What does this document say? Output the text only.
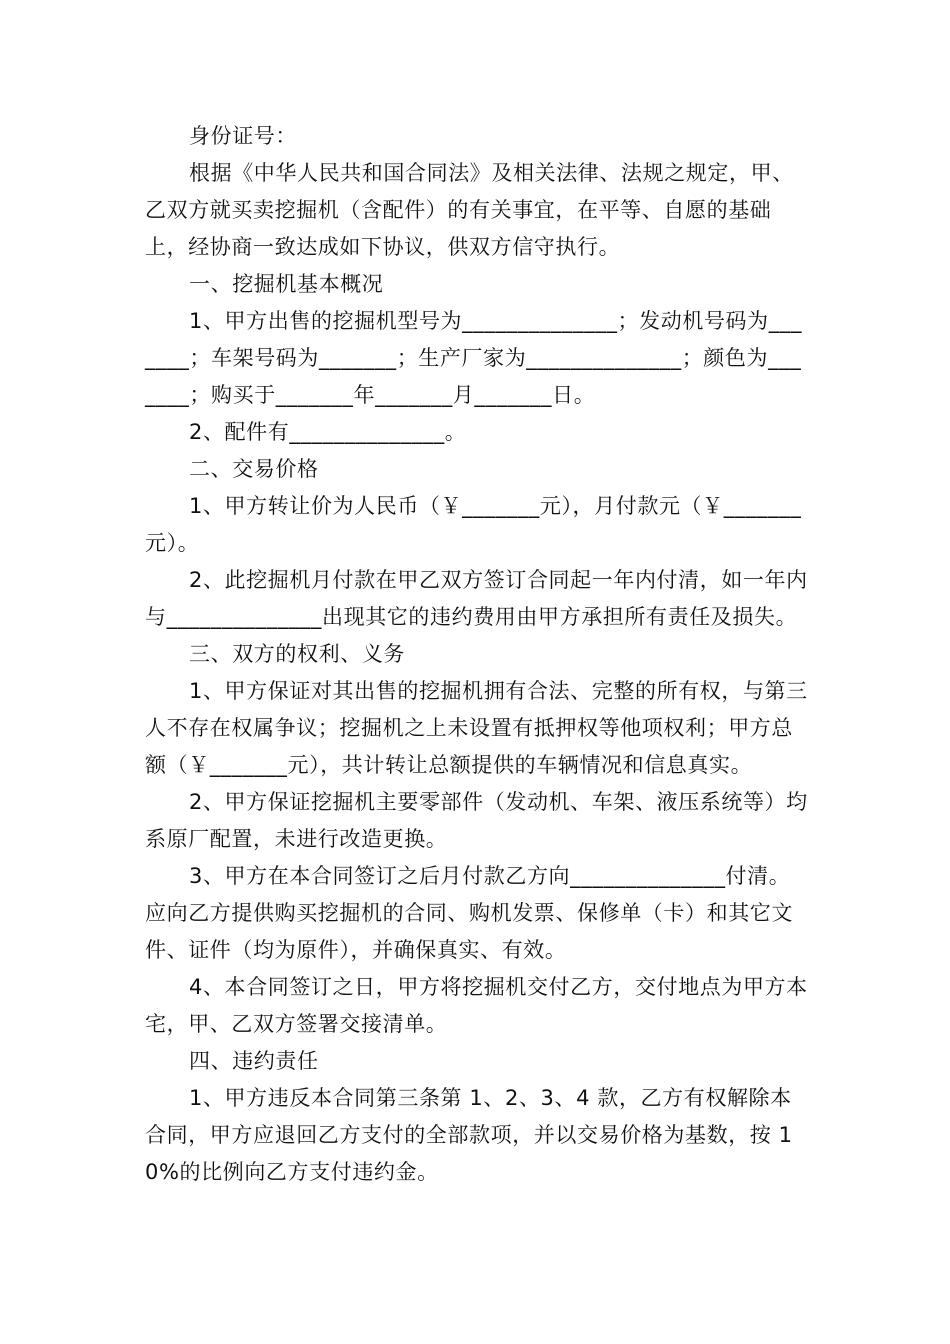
身份证号：

根据《中华人民共和国合同法》及相关法律、法规之规定，甲、乙双方就买卖挖掘机（含配件）的有关事宜，在平等、自愿的基础上，经协商一致达成如下协议，供双方信守执行。

一、挖掘机基本概况

1、甲方出售的挖掘机型号为______________；发动机号码为_______；车架号码为_______；生产厂家为______________；颜色为_______；购买于_______年_______月_______日。

2、配件有______________。

二、交易价格

1、甲方转让价为人民币（￥_______元），月付款元（￥_______元）。

2、此挖掘机月付款在甲乙双方签订合同起一年内付清，如一年内与______________出现其它的违约费用由甲方承担所有责任及损失。

三、双方的权利、义务

1、甲方保证对其出售的挖掘机拥有合法、完整的所有权，与第三人不存在权属争议；挖掘机之上未设置有抵押权等他项权利；甲方总额（￥_______元），共计转让总额提供的车辆情况和信息真实。

2、甲方保证挖掘机主要零部件（发动机、车架、液压系统等）均系原厂配置，未进行改造更换。

3、甲方在本合同签订之后月付款乙方向______________付清。应向乙方提供购买挖掘机的合同、购机发票、保修单（卡）和其它文件、证件（均为原件），并确保真实、有效。

4、本合同签订之日，甲方将挖掘机交付乙方，交付地点为甲方本宅，甲、乙双方签署交接清单。

四、违约责任

1、甲方违反本合同第三条第 1、2、3、4 款，乙方有权解除本合同，甲方应退回乙方支付的全部款项，并以交易价格为基数，按 10%的比例向乙方支付违约金。
